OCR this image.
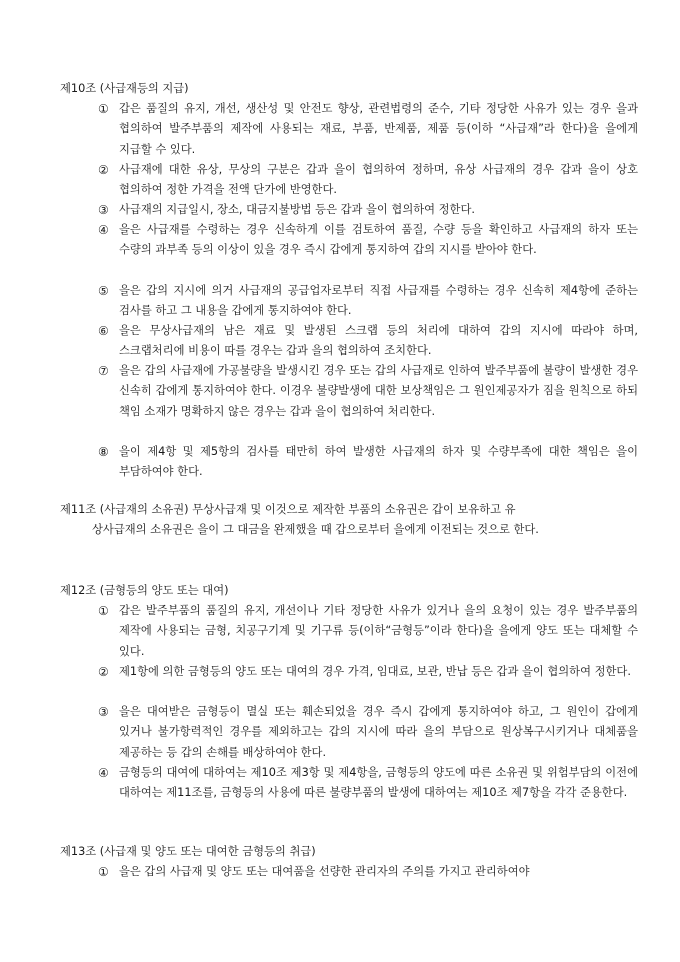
제10조 (사급재등의 지급)
① 갑은 품질의 유지, 개선, 생산성 및 안전도 향상, 관련법령의 준수, 기타 정당한 사유가 있는 경우 을과 협의하여 발주부품의 제작에 사용되는 재료, 부품, 반제품, 제품 등(이하 “사급재”라 한다)을 을에게 지급할 수 있다.
② 사급재에 대한 유상, 무상의 구분은 갑과 을이 협의하여 정하며, 유상 사급재의 경우 갑과 을이 상호 협의하여 정한 가격을 전액 단가에 반영한다.
③ 사급재의 지급일시, 장소, 대금지불방법 등은 갑과 을이 협의하여 정한다.
④ 을은 사급재를 수령하는 경우 신속하게 이를 검토하여 품질, 수량 등을 확인하고 사급재의 하자 또는 수량의 과부족 등의 이상이 있을 경우 즉시 갑에게 통지하여 갑의 지시를 받아야 한다.
⑤ 을은 갑의 지시에 의거 사급재의 공급업자로부터 직접 사급재를 수령하는 경우 신속히 제4항에 준하는 검사를 하고 그 내용을 갑에게 통지하여야 한다.
⑥ 을은 무상사급재의 남은 재료 및 발생된 스크랩 등의 처리에 대하여 갑의 지시에 따라야 하며, 스크랩처리에 비용이 따를 경우는 갑과 을의 협의하여 조치한다.
⑦ 을은 갑의 사급재에 가공불량을 발생시킨 경우 또는 갑의 사급재로 인하여 발주부품에 불량이 발생한 경우 신속히 갑에게 통지하여야 한다. 이경우 불량발생에 대한 보상책임은 그 원인제공자가 짐을 원칙으로 하되 책임 소재가 명확하지 않은 경우는 갑과 을이 협의하여 처리한다.
⑧ 을이 제4항 및 제5항의 검사를 태만히 하여 발생한 사급재의 하자 및 수량부족에 대한 책임은 을이 부담하여야 한다.
제11조 (사급재의 소유권) 무상사급재 및 이것으로 제작한 부품의 소유권은 갑이 보유하고 유
상사급재의 소유권은 을이 그 대금을 완제했을 때 갑으로부터 을에게 이전되는 것으로 한다.
제12조 (금형등의 양도 또는 대여)
① 갑은 발주부품의 품질의 유지, 개선이나 기타 정당한 사유가 있거나 을의 요청이 있는 경우 발주부품의 제작에 사용되는 금형, 치공구기계 및 기구류 등(이하“금형등”이라 한다)을 을에게 양도 또는 대체할 수 있다.
② 제1항에 의한 금형등의 양도 또는 대여의 경우 가격, 임대료, 보관, 반납 등은 갑과 을이 협의하여 정한다.
③ 을은 대여받은 금형등이 멸실 또는 훼손되었을 경우 즉시 갑에게 통지하여야 하고, 그 원인이 갑에게 있거나 불가항력적인 경우를 제외하고는 갑의 지시에 따라 을의 부담으로 원상복구시키거나 대체품을 제공하는 등 갑의 손해를 배상하여야 한다.
④ 금형등의 대여에 대하여는 제10조 제3항 및 제4항을, 금형등의 양도에 따른 소유권 및 위험부담의 이전에 대하여는 제11조를, 금형등의 사용에 따른 불량부품의 발생에 대하여는 제10조 제7항을 각각 준용한다.
제13조 (사급재 및 양도 또는 대여한 금형등의 취급)
① 을은 갑의 사급재 및 양도 또는 대여품을 선량한 관리자의 주의를 가지고 관리하여야
